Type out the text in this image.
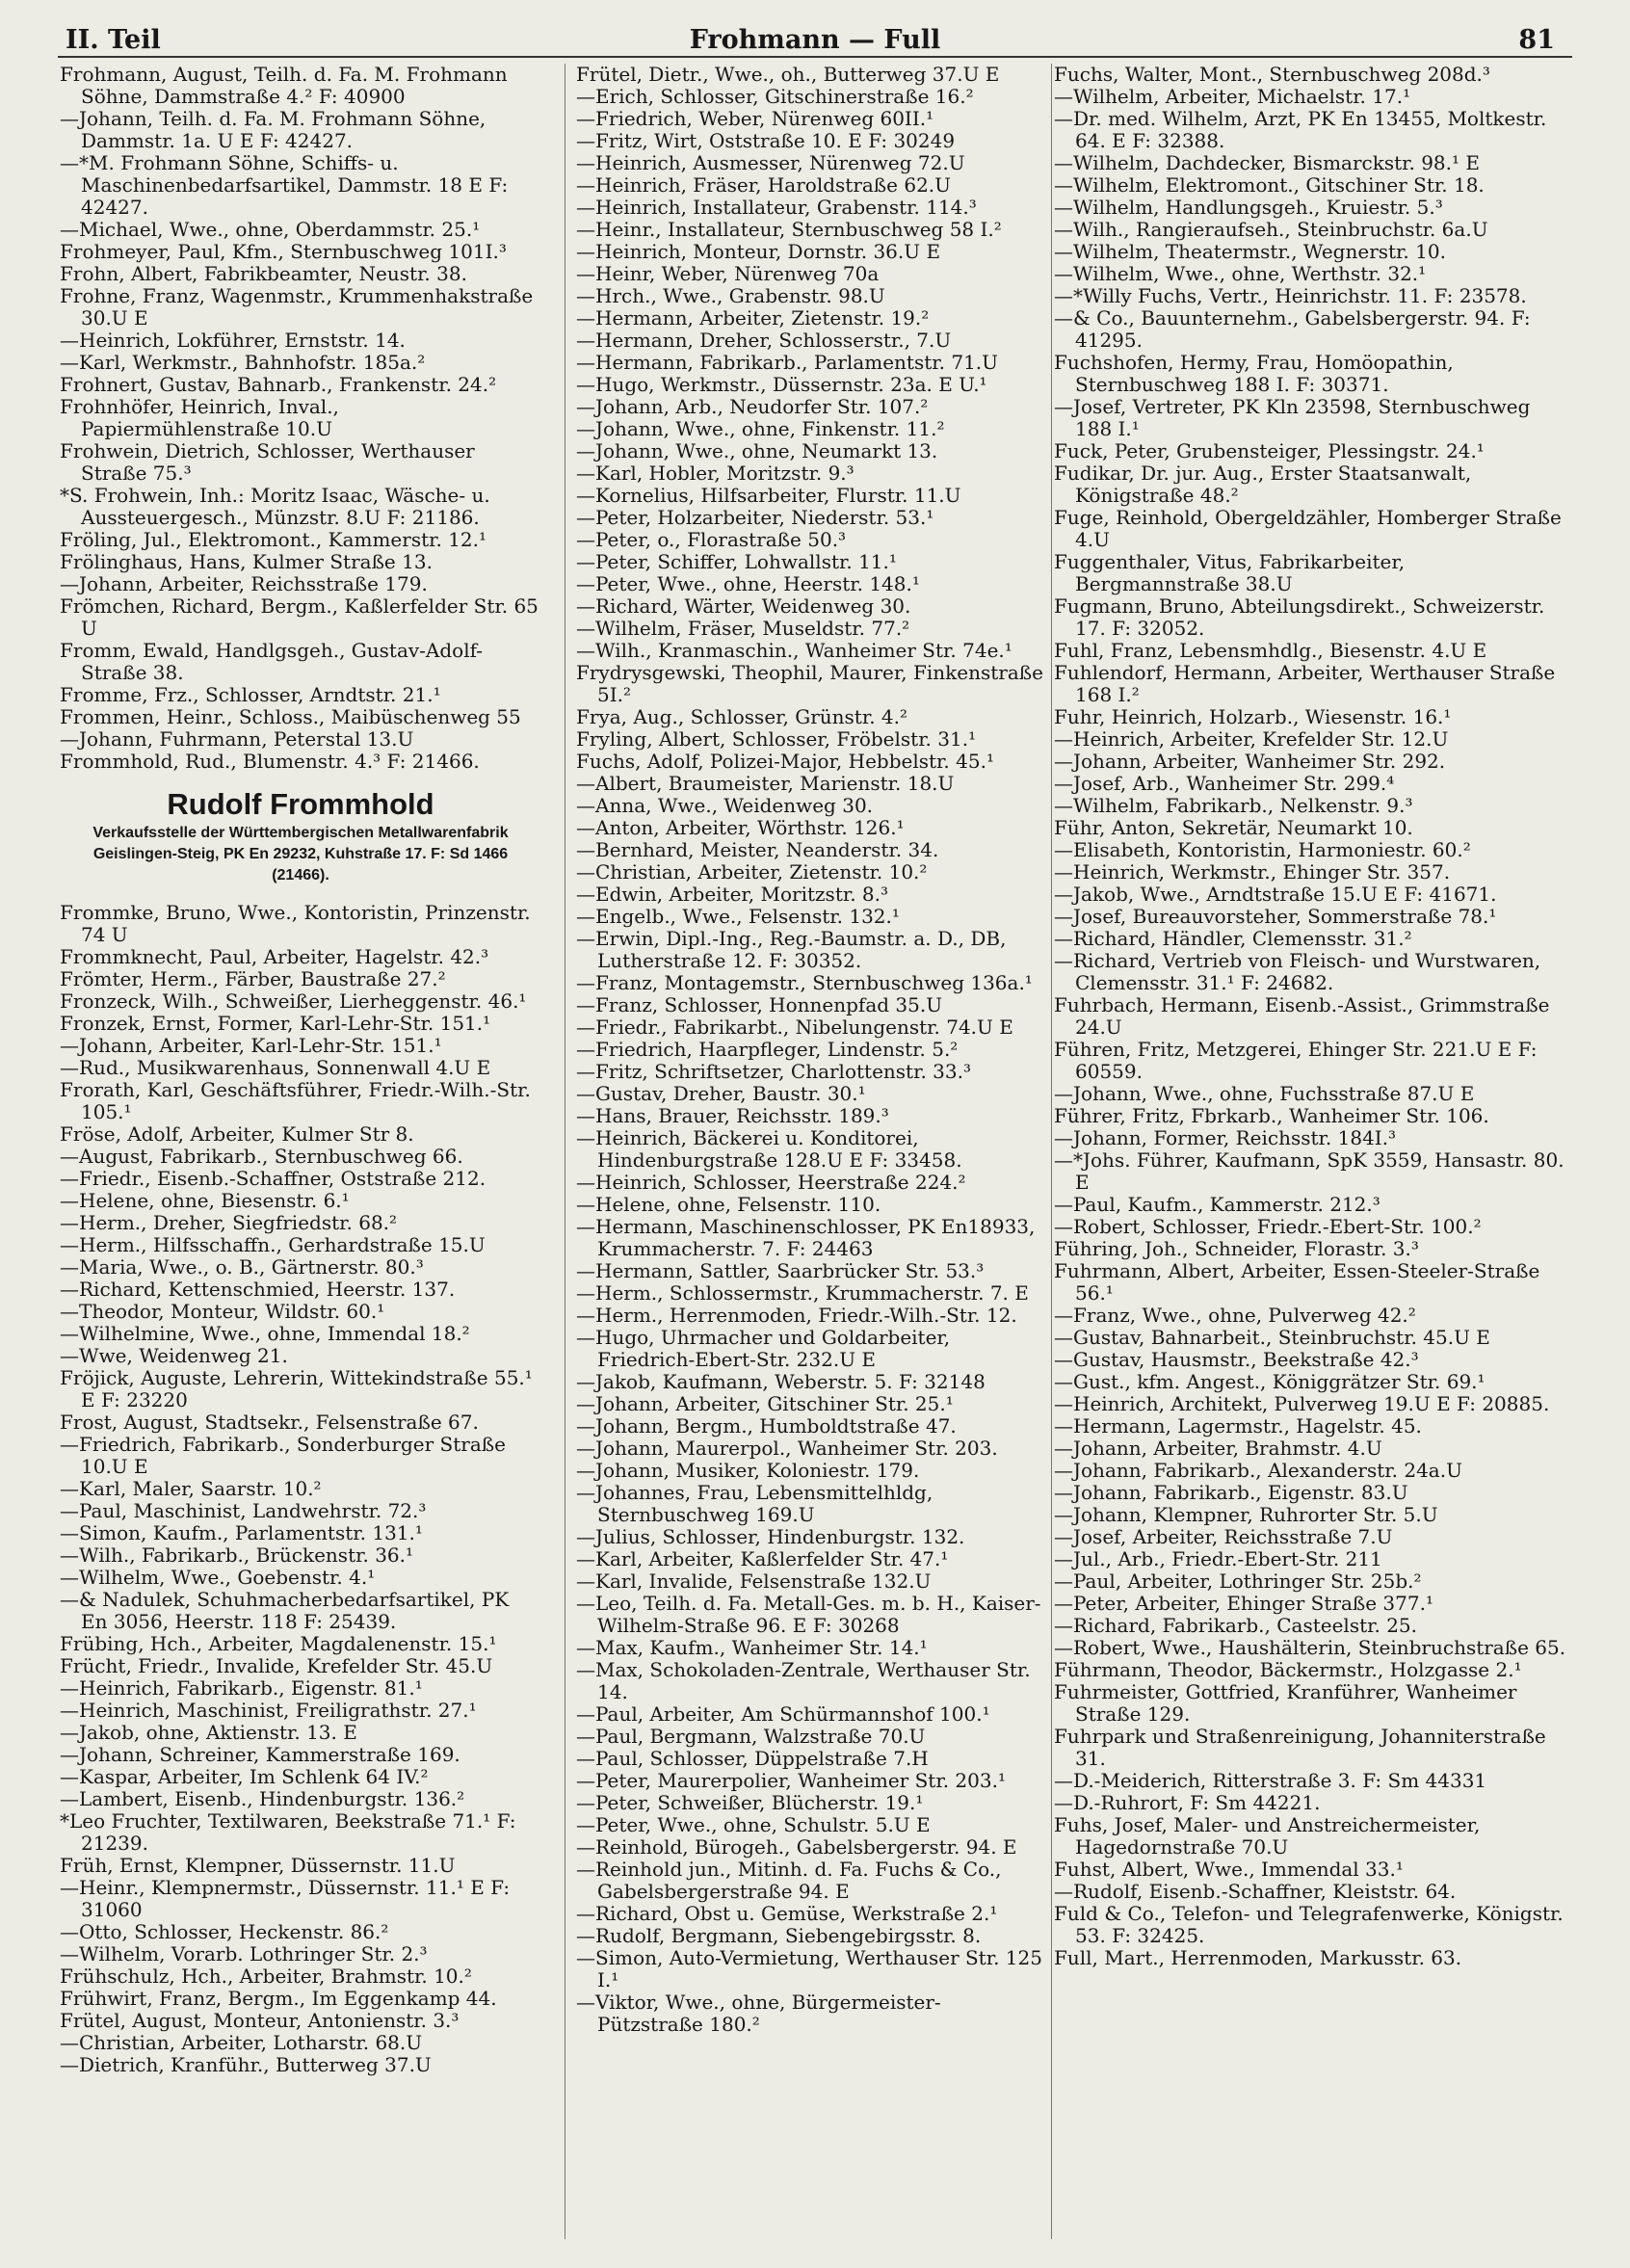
II. Teil	Frohmann — Full	81
Frohmann, August, Teilh. d. Fa. M. Frohmann Söhne, Dammstraße 4.² F: 40900
—Johann, Teilh. d. Fa. M. Frohmann Söhne, Dammstr. 1a. U E F: 42427.
—*M. Frohmann Söhne, Schiffs- u. Maschinenbedarfsartikel, Dammstr. 18 E F: 42427.
—Michael, Wwe., ohne, Oberdammstr. 25.¹
Frohmeyer, Paul, Kfm., Sternbuschweg 101I.³
Frohn, Albert, Fabrikbeamter, Neustr. 38.
Frohne, Franz, Wagenmstr., Krummenhakstraße 30.U E
—Heinrich, Lokführer, Ernststr. 14.
—Karl, Werkmstr., Bahnhofstr. 185a.²
Frohnert, Gustav, Bahnarb., Frankenstr. 24.²
Frohnhöfer, Heinrich, Inval., Papiermühlenstraße 10.U
Frohwein, Dietrich, Schlosser, Werthauser Straße 75.³
*S. Frohwein, Inh.: Moritz Isaac, Wäsche- u. Aussteuergesch., Münzstr. 8.U F: 21186.
Fröling, Jul., Elektromont., Kammerstr. 12.¹
Frölinghaus, Hans, Kulmer Straße 13.
—Johann, Arbeiter, Reichsstraße 179.
Frömchen, Richard, Bergm., Kaßlerfelder Str. 65 U
Fromm, Ewald, Handlgsgeh., Gustav-Adolf-Straße 38.
Fromme, Frz., Schlosser, Arndtstr. 21.¹
Frommen, Heinr., Schloss., Maibüschenweg 55
—Johann, Fuhrmann, Peterstal 13.U
Frommhold, Rud., Blumenstr. 4.³ F: 21466.
Rudolf Frommhold
Verkaufsstelle der Württembergischen Metallwarenfabrik Geislingen-Steig, PK En 29232, Kuhstraße 17. F: Sd 1466 (21466).
Frommke, Bruno, Wwe., Kontoristin, Prinzenstr. 74 U
Frommknecht, Paul, Arbeiter, Hagelstr. 42.³
Frömter, Herm., Färber, Baustraße 27.²
Fronzeck, Wilh., Schweißer, Lierheggenstr. 46.¹
Fronzek, Ernst, Former, Karl-Lehr-Str. 151.¹
—Johann, Arbeiter, Karl-Lehr-Str. 151.¹
—Rud., Musikwarenhaus, Sonnenwall 4.U E
Frorath, Karl, Geschäftsführer, Friedr.-Wilh.-Str. 105.¹
Fröse, Adolf, Arbeiter, Kulmer Str 8.
—August, Fabrikarb., Sternbuschweg 66.
—Friedr., Eisenb.-Schaffner, Oststraße 212.
—Helene, ohne, Biesenstr. 6.¹
—Herm., Dreher, Siegfriedstr. 68.²
—Herm., Hilfsschaffn., Gerhardstraße 15.U
—Maria, Wwe., o. B., Gärtnerstr. 80.³
—Richard, Kettenschmied, Heerstr. 137.
—Theodor, Monteur, Wildstr. 60.¹
—Wilhelmine, Wwe., ohne, Immendal 18.²
—Wwe, Weidenweg 21.
Fröjick, Auguste, Lehrerin, Wittekindstraße 55.¹ E F: 23220
Frost, August, Stadtsekr., Felsenstraße 67.
—Friedrich, Fabrikarb., Sonderburger Straße 10.U E
—Karl, Maler, Saarstr. 10.²
—Paul, Maschinist, Landwehrstr. 72.³
—Simon, Kaufm., Parlamentstr. 131.¹
—Wilh., Fabrikarb., Brückenstr. 36.¹
—Wilhelm, Wwe., Goebenstr. 4.¹
—& Nadulek, Schuhmacherbedarfsartikel, PK En 3056, Heerstr. 118 F: 25439.
Frübing, Hch., Arbeiter, Magdalenenstr. 15.¹
Frücht, Friedr., Invalide, Krefelder Str. 45.U
—Heinrich, Fabrikarb., Eigenstr. 81.¹
—Heinrich, Maschinist, Freiligrathstr. 27.¹
—Jakob, ohne, Aktienstr. 13. E
—Johann, Schreiner, Kammerstraße 169.
—Kaspar, Arbeiter, Im Schlenk 64 IV.²
—Lambert, Eisenb., Hindenburgstr. 136.²
*Leo Fruchter, Textilwaren, Beekstraße 71.¹ F: 21239.
Früh, Ernst, Klempner, Düssernstr. 11.U
—Heinr., Klempnermstr., Düssernstr. 11.¹ E F: 31060
—Otto, Schlosser, Heckenstr. 86.²
—Wilhelm, Vorarb. Lothringer Str. 2.³
Frühschulz, Hch., Arbeiter, Brahmstr. 10.²
Frühwirt, Franz, Bergm., Im Eggenkamp 44.
Frütel, August, Monteur, Antonienstr. 3.³
—Christian, Arbeiter, Lotharstr. 68.U
—Dietrich, Kranführ., Butterweg 37.U
Frütel, Dietr., Wwe., oh., Butterweg 37.U E
—Erich, Schlosser, Gitschinerstraße 16.²
—Friedrich, Weber, Nürenweg 60II.¹
—Fritz, Wirt, Oststraße 10. E F: 30249
—Heinrich, Ausmesser, Nürenweg 72.U
—Heinrich, Fräser, Haroldstraße 62.U
—Heinrich, Installateur, Grabenstr. 114.³
—Heinr., Installateur, Sternbuschweg 58 I.²
—Heinrich, Monteur, Dornstr. 36.U E
—Heinr, Weber, Nürenweg 70a
—Hrch., Wwe., Grabenstr. 98.U
—Hermann, Arbeiter, Zietenstr. 19.²
—Hermann, Dreher, Schlosserstr., 7.U
—Hermann, Fabrikarb., Parlamentstr. 71.U
—Hugo, Werkmstr., Düssernstr. 23a. E U.¹
—Johann, Arb., Neudorfer Str. 107.²
—Johann, Wwe., ohne, Finkenstr. 11.²
—Johann, Wwe., ohne, Neumarkt 13.
—Karl, Hobler, Moritzstr. 9.³
—Kornelius, Hilfsarbeiter, Flurstr. 11.U
—Peter, Holzarbeiter, Niederstr. 53.¹
—Peter, o., Florastraße 50.³
—Peter, Schiffer, Lohwallstr. 11.¹
—Peter, Wwe., ohne, Heerstr. 148.¹
—Richard, Wärter, Weidenweg 30.
—Wilhelm, Fräser, Museldstr. 77.²
—Wilh., Kranmaschin., Wanheimer Str. 74e.¹
Frydrysgewski, Theophil, Maurer, Finkenstraße 5I.²
Frya, Aug., Schlosser, Grünstr. 4.²
Fryling, Albert, Schlosser, Fröbelstr. 31.¹
Fuchs, Adolf, Polizei-Major, Hebbelstr. 45.¹
—Albert, Braumeister, Marienstr. 18.U
—Anna, Wwe., Weidenweg 30.
—Anton, Arbeiter, Wörthstr. 126.¹
—Bernhard, Meister, Neanderstr. 34.
—Christian, Arbeiter, Zietenstr. 10.²
—Edwin, Arbeiter, Moritzstr. 8.³
—Engelb., Wwe., Felsenstr. 132.¹
—Erwin, Dipl.-Ing., Reg.-Baumstr. a. D., DB, Lutherstraße 12. F: 30352.
—Franz, Montagemstr., Sternbuschweg 136a.¹
—Franz, Schlosser, Honnenpfad 35.U
—Friedr., Fabrikarbt., Nibelungenstr. 74.U E
—Friedrich, Haarpfleger, Lindenstr. 5.²
—Fritz, Schriftsetzer, Charlottenstr. 33.³
—Gustav, Dreher, Baustr. 30.¹
—Hans, Brauer, Reichsstr. 189.³
—Heinrich, Bäckerei u. Konditorei, Hindenburgstraße 128.U E F: 33458.
—Heinrich, Schlosser, Heerstraße 224.²
—Helene, ohne, Felsenstr. 110.
—Hermann, Maschinenschlosser, PK En18933, Krummacherstr. 7. F: 24463
—Hermann, Sattler, Saarbrücker Str. 53.³
—Herm., Schlossermstr., Krummacherstr. 7. E
—Herm., Herrenmoden, Friedr.-Wilh.-Str. 12.
—Hugo, Uhrmacher und Goldarbeiter, Friedrich-Ebert-Str. 232.U E
—Jakob, Kaufmann, Weberstr. 5. F: 32148
—Johann, Arbeiter, Gitschiner Str. 25.¹
—Johann, Bergm., Humboldtstraße 47.
—Johann, Maurerpol., Wanheimer Str. 203.
—Johann, Musiker, Koloniestr. 179.
—Johannes, Frau, Lebensmittelhldg, Sternbuschweg 169.U
—Julius, Schlosser, Hindenburgstr. 132.
—Karl, Arbeiter, Kaßlerfelder Str. 47.¹
—Karl, Invalide, Felsenstraße 132.U
—Leo, Teilh. d. Fa. Metall-Ges. m. b. H., Kaiser-Wilhelm-Straße 96. E F: 30268
—Max, Kaufm., Wanheimer Str. 14.¹
—Max, Schokoladen-Zentrale, Werthauser Str. 14.
—Paul, Arbeiter, Am Schürmannshof 100.¹
—Paul, Bergmann, Walzstraße 70.U
—Paul, Schlosser, Düppelstraße 7.H
—Peter, Maurerpolier, Wanheimer Str. 203.¹
—Peter, Schweißer, Blücherstr. 19.¹
—Peter, Wwe., ohne, Schulstr. 5.U E
—Reinhold, Bürogeh., Gabelsbergerstr. 94. E
—Reinhold jun., Mitinh. d. Fa. Fuchs & Co., Gabelsbergerstraße 94. E
—Richard, Obst u. Gemüse, Werkstraße 2.¹
—Rudolf, Bergmann, Siebengebirgsstr. 8.
—Simon, Auto-Vermietung, Werthauser Str. 125 I.¹
—Viktor, Wwe., ohne, Bürgermeister-Pützstraße 180.²
Fuchs, Walter, Mont., Sternbuschweg 208d.³
—Wilhelm, Arbeiter, Michaelstr. 17.¹
—Dr. med. Wilhelm, Arzt, PK En 13455, Moltkestr. 64. E F: 32388.
—Wilhelm, Dachdecker, Bismarckstr. 98.¹ E
—Wilhelm, Elektromont., Gitschiner Str. 18.
—Wilhelm, Handlungsgeh., Kruiestr. 5.³
—Wilh., Rangieraufseh., Steinbruchstr. 6a.U
—Wilhelm, Theatermstr., Wegnerstr. 10.
—Wilhelm, Wwe., ohne, Werthstr. 32.¹
—*Willy Fuchs, Vertr., Heinrichstr. 11. F: 23578.
—& Co., Bauunternehm., Gabelsbergerstr. 94. F: 41295.
Fuchshofen, Hermy, Frau, Homöopathin, Sternbuschweg 188 I. F: 30371.
—Josef, Vertreter, PK Kln 23598, Sternbuschweg 188 I.¹
Fuck, Peter, Grubensteiger, Plessingstr. 24.¹
Fudikar, Dr. jur. Aug., Erster Staatsanwalt, Königstraße 48.²
Fuge, Reinhold, Obergeldzähler, Homberger Straße 4.U
Fuggenthaler, Vitus, Fabrikarbeiter, Bergmannstraße 38.U
Fugmann, Bruno, Abteilungsdirekt., Schweizerstr. 17. F: 32052.
Fuhl, Franz, Lebensmhdlg., Biesenstr. 4.U E
Fuhlendorf, Hermann, Arbeiter, Werthauser Straße 168 I.²
Fuhr, Heinrich, Holzarb., Wiesenstr. 16.¹
—Heinrich, Arbeiter, Krefelder Str. 12.U
—Johann, Arbeiter, Wanheimer Str. 292.
—Josef, Arb., Wanheimer Str. 299.⁴
—Wilhelm, Fabrikarb., Nelkenstr. 9.³
Führ, Anton, Sekretär, Neumarkt 10.
—Elisabeth, Kontoristin, Harmoniestr. 60.²
—Heinrich, Werkmstr., Ehinger Str. 357.
—Jakob, Wwe., Arndtstraße 15.U E F: 41671.
—Josef, Bureauvorsteher, Sommerstraße 78.¹
—Richard, Händler, Clemensstr. 31.²
—Richard, Vertrieb von Fleisch- und Wurstwaren, Clemensstr. 31.¹ F: 24682.
Fuhrbach, Hermann, Eisenb.-Assist., Grimmstraße 24.U
Führen, Fritz, Metzgerei, Ehinger Str. 221.U E F: 60559.
—Johann, Wwe., ohne, Fuchsstraße 87.U E
Führer, Fritz, Fbrkarb., Wanheimer Str. 106.
—Johann, Former, Reichsstr. 184I.³
—*Johs. Führer, Kaufmann, SpK 3559, Hansastr. 80. E
—Paul, Kaufm., Kammerstr. 212.³
—Robert, Schlosser, Friedr.-Ebert-Str. 100.²
Führing, Joh., Schneider, Florastr. 3.³
Fuhrmann, Albert, Arbeiter, Essen-Steeler-Straße 56.¹
—Franz, Wwe., ohne, Pulverweg 42.²
—Gustav, Bahnarbeit., Steinbruchstr. 45.U E
—Gustav, Hausmstr., Beekstraße 42.³
—Gust., kfm. Angest., Königgrätzer Str. 69.¹
—Heinrich, Architekt, Pulverweg 19.U E F: 20885.
—Hermann, Lagermstr., Hagelstr. 45.
—Johann, Arbeiter, Brahmstr. 4.U
—Johann, Fabrikarb., Alexanderstr. 24a.U
—Johann, Fabrikarb., Eigenstr. 83.U
—Johann, Klempner, Ruhrorter Str. 5.U
—Josef, Arbeiter, Reichsstraße 7.U
—Jul., Arb., Friedr.-Ebert-Str. 211
—Paul, Arbeiter, Lothringer Str. 25b.²
—Peter, Arbeiter, Ehinger Straße 377.¹
—Richard, Fabrikarb., Casteelstr. 25.
—Robert, Wwe., Haushälterin, Steinbruchstraße 65.
Führmann, Theodor, Bäckermstr., Holzgasse 2.¹
Fuhrmeister, Gottfried, Kranführer, Wanheimer Straße 129.
Fuhrpark und Straßenreinigung, Johanniterstraße 31.
—D.-Meiderich, Ritterstraße 3. F: Sm 44331
—D.-Ruhrort, F: Sm 44221.
Fuhs, Josef, Maler- und Anstreichermeister, Hagedornstraße 70.U
Fuhst, Albert, Wwe., Immendal 33.¹
—Rudolf, Eisenb.-Schaffner, Kleiststr. 64.
Fuld & Co., Telefon- und Telegrafenwerke, Königstr. 53. F: 32425.
Full, Mart., Herrenmoden, Markusstr. 63.
